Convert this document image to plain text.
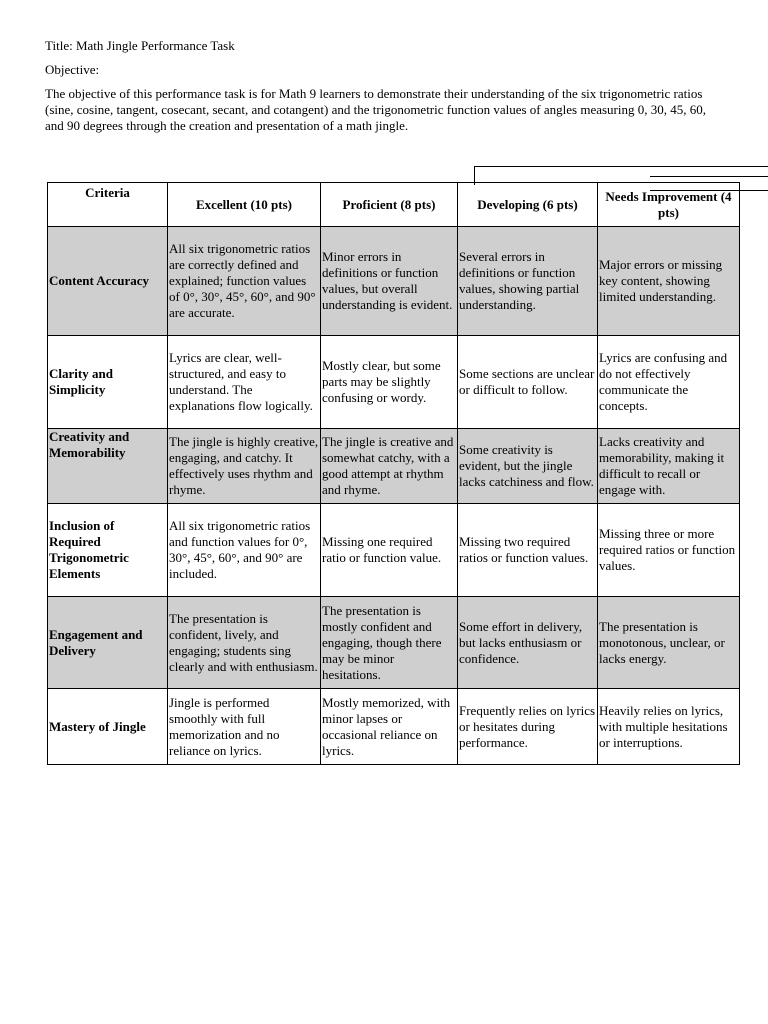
Title: Math Jingle Performance Task

Objective:

The objective of this performance task is for Math 9 learners to demonstrate their understanding of the six trigonometric ratios (sine, cosine, tangent, cosecant, secant, and cotangent) and the trigonometric function values of angles measuring 0, 30, 45, 60, and 90 degrees through the creation and presentation of a math jingle.

Criteria	Excellent (10 pts)	Proficient (8 pts)	Developing (6 pts)	Needs Improvement (4 pts)
Content Accuracy	All six trigonometric ratios are correctly defined and explained; function values of 0°, 30°, 45°, 60°, and 90° are accurate.	Minor errors in definitions or function values, but overall understanding is evident.	Several errors in definitions or function values, showing partial understanding.	Major errors or missing key content, showing limited understanding.
Clarity and Simplicity	Lyrics are clear, well-structured, and easy to understand. The explanations flow logically.	Mostly clear, but some parts may be slightly confusing or wordy.	Some sections are unclear or difficult to follow.	Lyrics are confusing and do not effectively communicate the concepts.
Creativity and Memorability	The jingle is highly creative, engaging, and catchy. It effectively uses rhythm and rhyme.	The jingle is creative and somewhat catchy, with a good attempt at rhythm and rhyme.	Some creativity is evident, but the jingle lacks catchiness and flow.	Lacks creativity and memorability, making it difficult to recall or engage with.
Inclusion of Required Trigonometric Elements	All six trigonometric ratios and function values for 0°, 30°, 45°, 60°, and 90° are included.	Missing one required ratio or function value.	Missing two required ratios or function values.	Missing three or more required ratios or function values.
Engagement and Delivery	The presentation is confident, lively, and engaging; students sing clearly and with enthusiasm.	The presentation is mostly confident and engaging, though there may be minor hesitations.	Some effort in delivery, but lacks enthusiasm or confidence.	The presentation is monotonous, unclear, or lacks energy.
Mastery of Jingle	Jingle is performed smoothly with full memorization and no reliance on lyrics.	Mostly memorized, with minor lapses or occasional reliance on lyrics.	Frequently relies on lyrics or hesitates during performance.	Heavily relies on lyrics, with multiple hesitations or interruptions.
